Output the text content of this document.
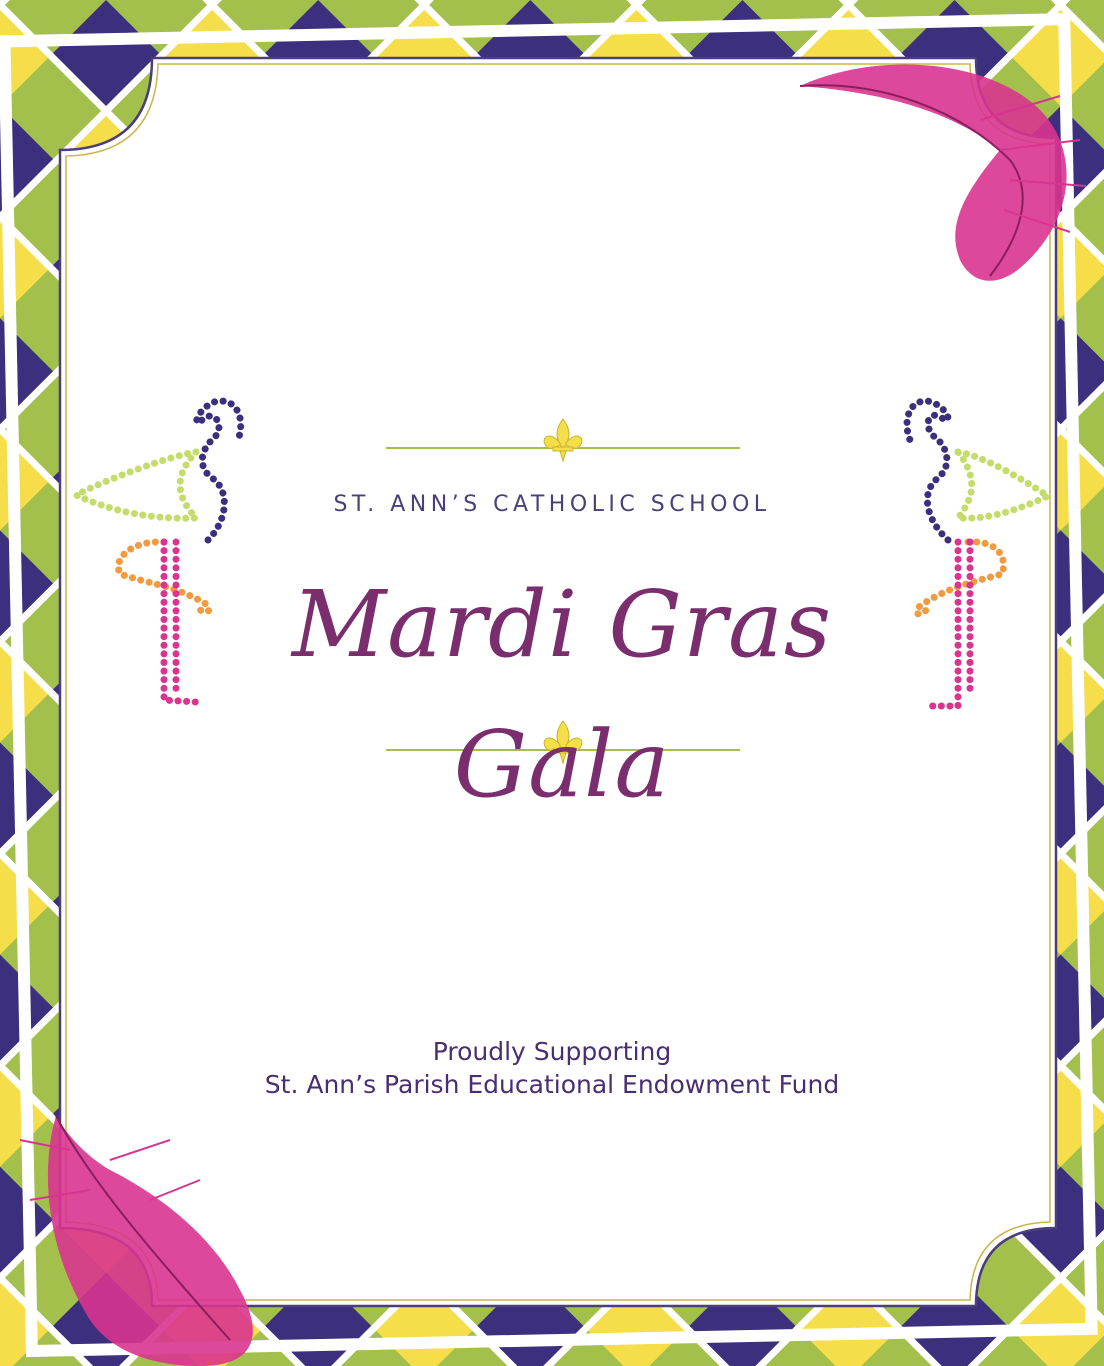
ST. ANN’S CATHOLIC SCHOOL
Mardi Gras Gala
Proudly Supporting
St. Ann’s Parish Educational Endowment Fund
